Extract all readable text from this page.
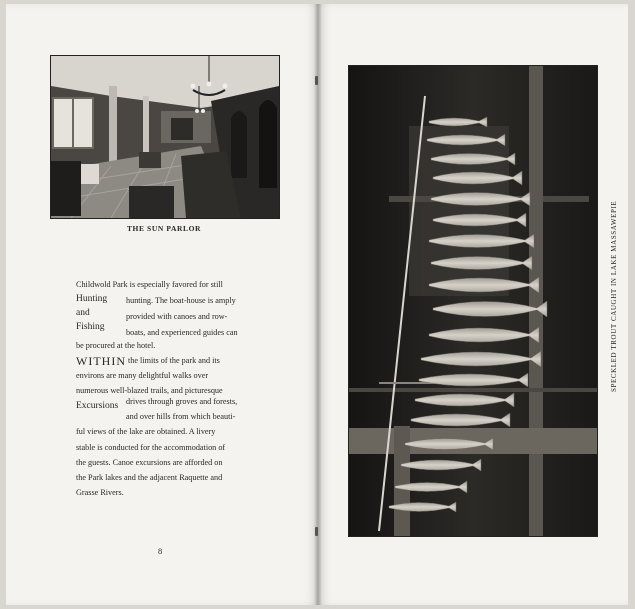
THE SUN PARLOR
Hunting
and
Fishing
Excursions
Childwold Park is especially favored for still
hunting. The boat-house is amply
provided with canoes and row-
boats, and experienced guides can
be procured at the hotel.
WITHIN the limits of the park and its
environs are many delightful walks over
numerous well-blazed trails, and picturesque
drives through groves and forests,
and over hills from which beauti-
ful views of the lake are obtained. A livery
stable is conducted for the accommodation of
the guests. Canoe excursions are afforded on
the Park lakes and the adjacent Raquette and
Grasse Rivers.
8
SPECKLED TROUT CAUGHT IN LAKE MASSAWEPIE
